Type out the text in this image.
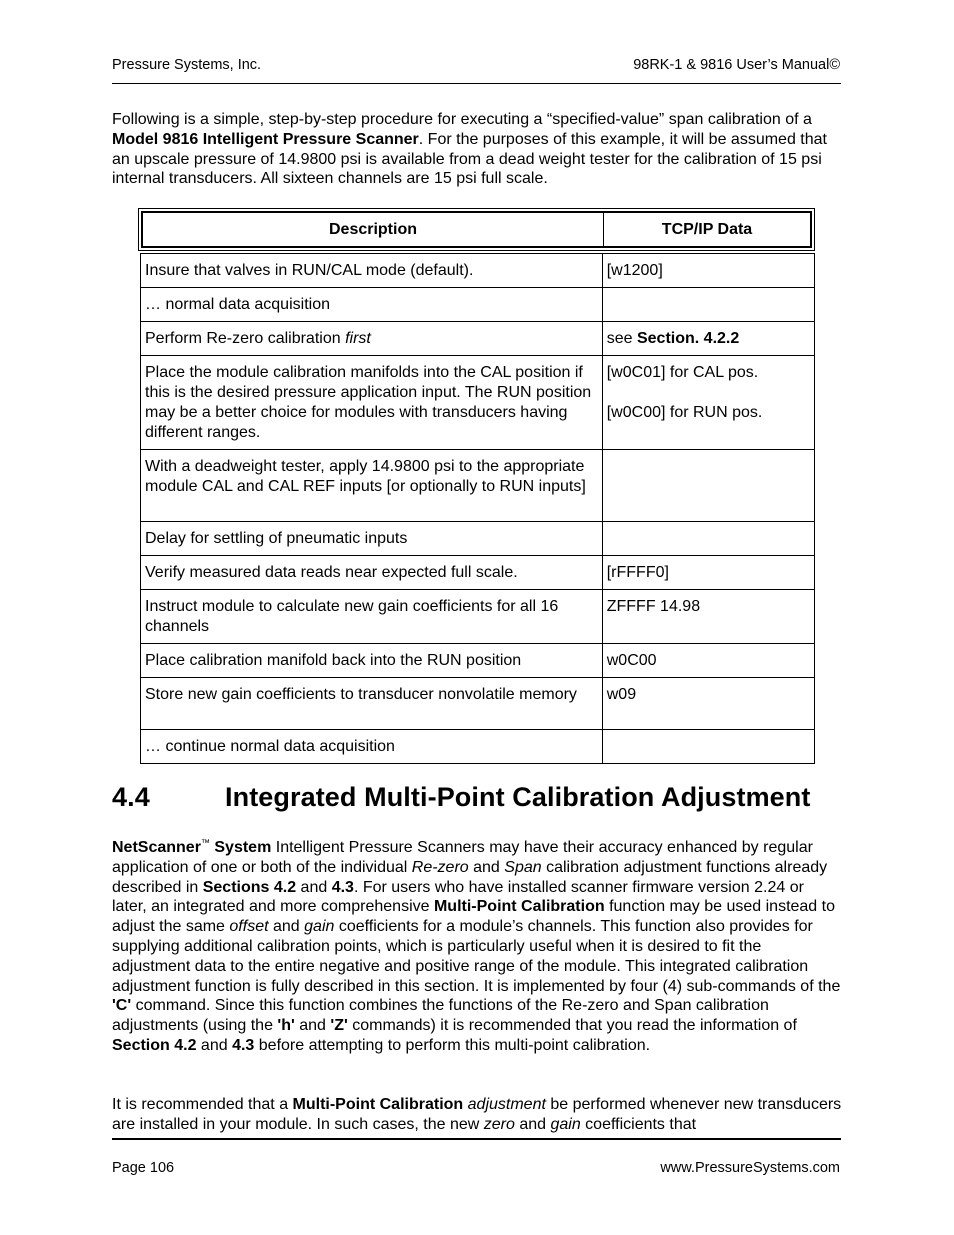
Pressure Systems, Inc.	98RK-1 & 9816 User’s Manual©
Following is a simple, step-by-step procedure for executing a “specified-value” span calibration of a Model 9816 Intelligent Pressure Scanner. For the purposes of this example, it will be assumed that an upscale pressure of 14.9800 psi is available from a dead weight tester for the calibration of 15 psi internal transducers. All sixteen channels are 15 psi full scale.
Description	TCP/IP Data
Insure that valves in RUN/CAL mode (default).	[w1200]
… normal data acquisition	
Perform Re-zero calibration first	see Section. 4.2.2
Place the module calibration manifolds into the CAL position if this is the desired pressure application input. The RUN position may be a better choice for modules with transducers having different ranges.	[w0C01] for CAL pos.
[w0C00] for RUN pos.

With a deadweight tester, apply 14.9800 psi to the appropriate module CAL and CAL REF inputs [or optionally to RUN inputs]	
Delay for settling of pneumatic inputs	
Verify measured data reads near expected full scale.	[rFFFF0]
Instruct module to calculate new gain coefficients for all 16 channels	ZFFFF 14.98
Place calibration manifold back into the RUN position	w0C00
Store new gain coefficients to transducer nonvolatile memory	w09
… continue normal data acquisition	
4.4	Integrated Multi-Point Calibration Adjustment
NetScanner™ System Intelligent Pressure Scanners may have their accuracy enhanced by regular application of one or both of the individual Re-zero and Span calibration adjustment functions already described in Sections 4.2 and 4.3. For users who have installed scanner firmware version 2.24 or later, an integrated and more comprehensive Multi-Point Calibration function may be used instead to adjust the same offset and gain coefficients for a module’s channels. This function also provides for supplying additional calibration points, which is particularly useful when it is desired to fit the adjustment data to the entire negative and positive range of the module. This integrated calibration adjustment function is fully described in this section. It is implemented by four (4) sub-commands of the 'C' command. Since this function combines the functions of the Re-zero and Span calibration adjustments (using the 'h' and 'Z' commands) it is recommended that you read the information of Section 4.2 and 4.3 before attempting to perform this multi-point calibration.
It is recommended that a Multi-Point Calibration adjustment be performed whenever new transducers are installed in your module. In such cases, the new zero and gain coefficients that
Page 106	www.PressureSystems.com
